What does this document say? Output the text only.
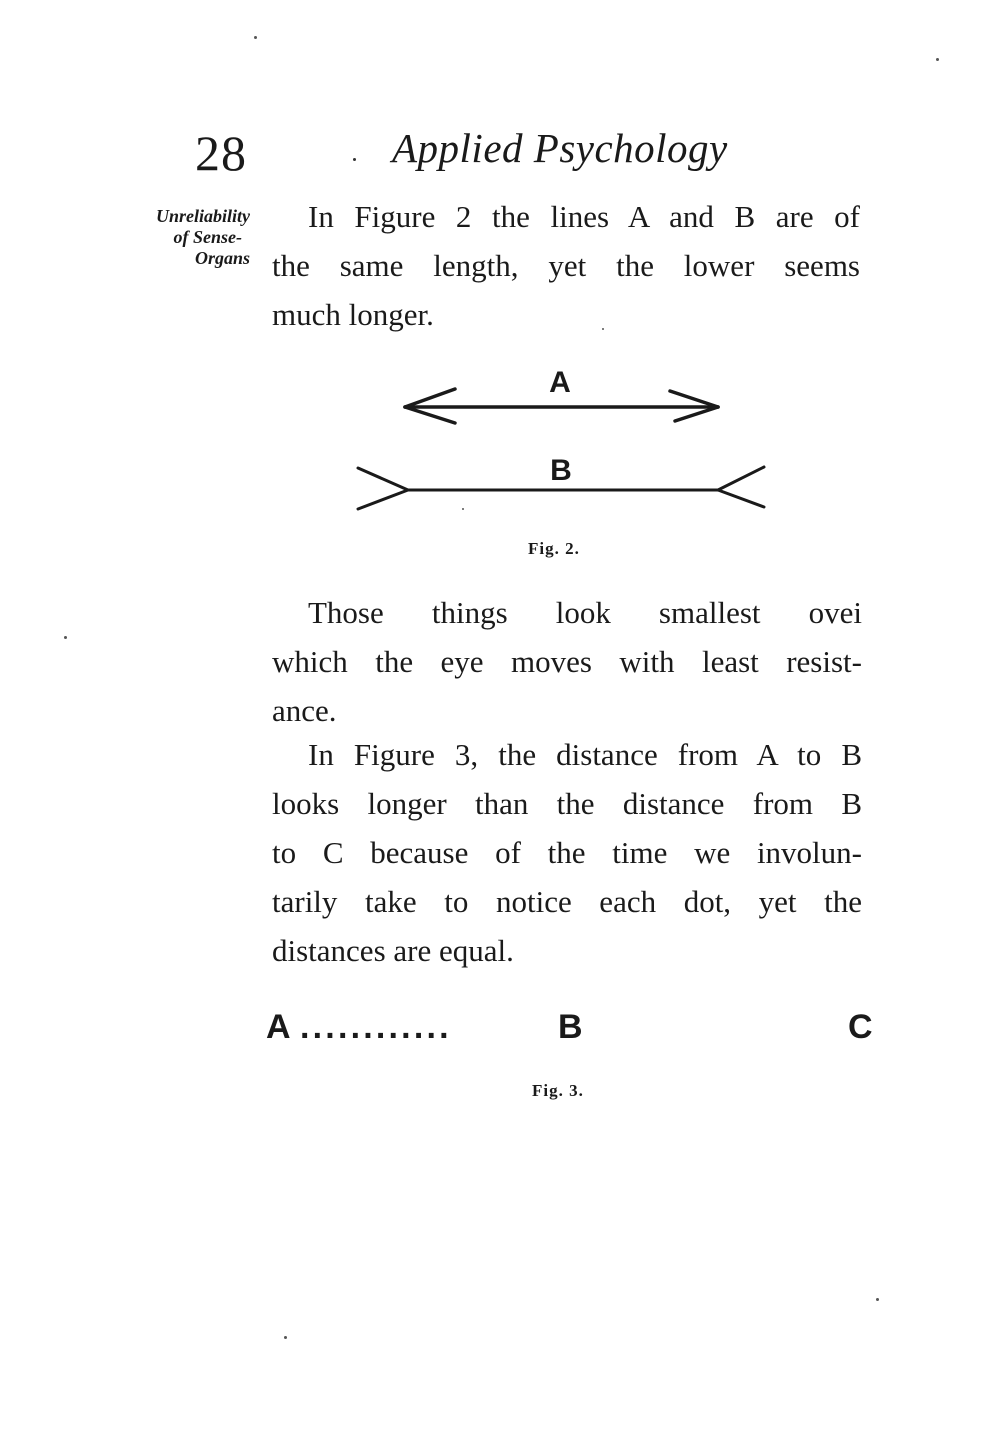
28	Applied Psychology
Unreliability
of Sense-
Organs
In Figure 2 the lines A and B are of
the same length, yet the lower seems
much longer.
A
B
Fig. 2.
Those things look smallest ovei
which the eye moves with least resist-
ance.
In Figure 3, the distance from A to B
looks longer than the distance from B
to C because of the time we involun-
tarily take to notice each dot, yet the
distances are equal.
A ............	B	C
Fig. 3.
